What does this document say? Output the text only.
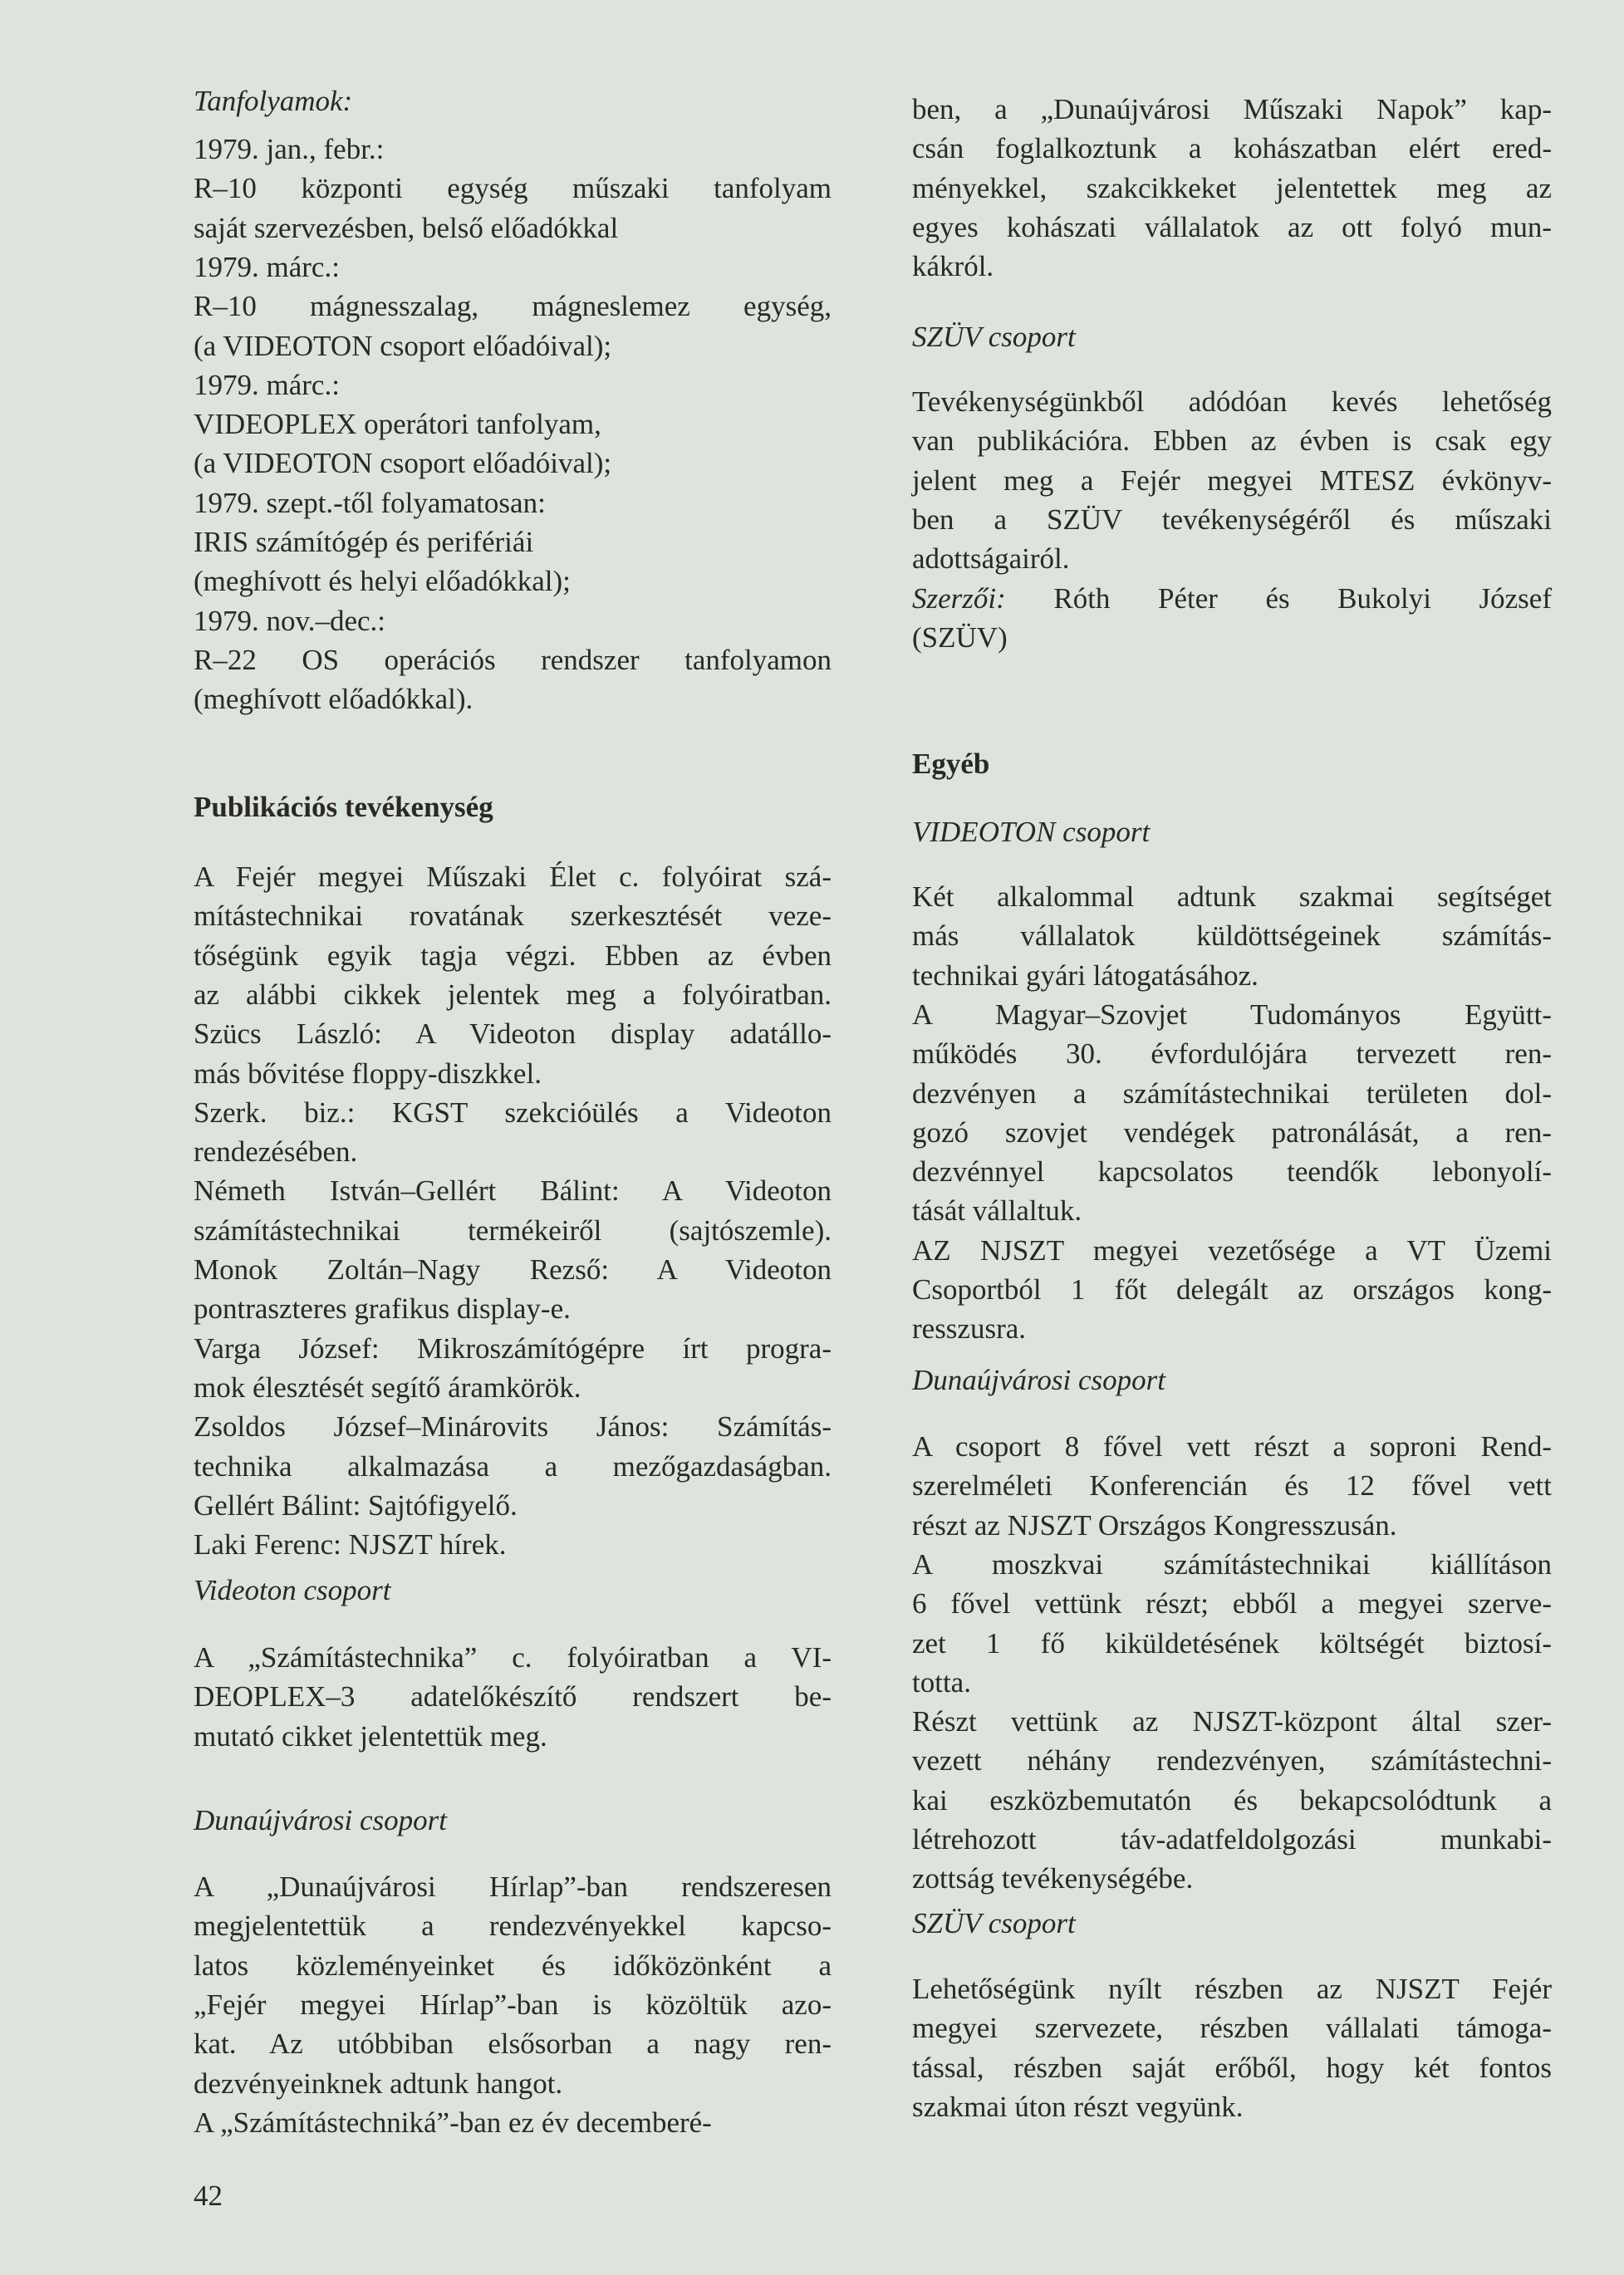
Tanfolyamok:
1979. jan., febr.:
R–10 központi egység műszaki tanfolyam
saját szervezésben, belső előadókkal
1979. márc.:
R–10 mágnesszalag, mágneslemez egység,
(a VIDEOTON csoport előadóival);
1979. márc.:
VIDEOPLEX operátori tanfolyam,
(a VIDEOTON csoport előadóival);
1979. szept.-től folyamatosan:
IRIS számítógép és perifériái
(meghívott és helyi előadókkal);
1979. nov.–dec.:
R–22 OS operációs rendszer tanfolyamon
(meghívott előadókkal).
Publikációs tevékenység
A Fejér megyei Műszaki Élet c. folyóirat szá-
mítástechnikai rovatának szerkesztését veze-
tőségünk egyik tagja végzi. Ebben az évben
az alábbi cikkek jelentek meg a folyóiratban.
Szücs László: A Videoton display adatállo-
más bővitése floppy-diszkkel.
Szerk. biz.: KGST szekcióülés a Videoton
rendezésében.
Németh István–Gellért Bálint: A Videoton
számítástechnikai termékeiről (sajtószemle).
Monok Zoltán–Nagy Rezső: A Videoton
pontraszteres grafikus display-e.
Varga József: Mikroszámítógépre írt progra-
mok élesztését segítő áramkörök.
Zsoldos József–Minárovits János: Számítás-
technika alkalmazása a mezőgazdaságban.
Gellért Bálint: Sajtófigyelő.
Laki Ferenc: NJSZT hírek.
Videoton csoport
A „Számítástechnika” c. folyóiratban a VI-
DEOPLEX–3 adatelőkészítő rendszert be-
mutató cikket jelentettük meg.
Dunaújvárosi csoport
A „Dunaújvárosi Hírlap”-ban rendszeresen
megjelentettük a rendezvényekkel kapcso-
latos közleményeinket és időközönként a
„Fejér megyei Hírlap”-ban is közöltük azo-
kat. Az utóbbiban elsősorban a nagy ren-
dezvényeinknek adtunk hangot.
A „Számítástechniká”-ban ez év decemberé-
ben, a „Dunaújvárosi Műszaki Napok” kap-
csán foglalkoztunk a kohászatban elért ered-
ményekkel, szakcikkeket jelentettek meg az
egyes kohászati vállalatok az ott folyó mun-
kákról.
SZÜV csoport
Tevékenységünkből adódóan kevés lehetőség
van publikációra. Ebben az évben is csak egy
jelent meg a Fejér megyei MTESZ évkönyv-
ben a SZÜV tevékenységéről és műszaki
adottságairól.
Szerzői: Róth Péter és Bukolyi József
(SZÜV)
Egyéb
VIDEOTON csoport
Két alkalommal adtunk szakmai segítséget
más vállalatok küldöttségeinek számítás-
technikai gyári látogatásához.
A Magyar–Szovjet Tudományos Együtt-
működés 30. évfordulójára tervezett ren-
dezvényen a számítástechnikai területen dol-
gozó szovjet vendégek patronálását, a ren-
dezvénnyel kapcsolatos teendők lebonyolí-
tását vállaltuk.
AZ NJSZT megyei vezetősége a VT Üzemi
Csoportból 1 főt delegált az országos kong-
resszusra.
Dunaújvárosi csoport
A csoport 8 fővel vett részt a soproni Rend-
szerelméleti Konferencián és 12 fővel vett
részt az NJSZT Országos Kongresszusán.
A moszkvai számítástechnikai kiállításon
6 fővel vettünk részt; ebből a megyei szerve-
zet 1 fő kiküldetésének költségét biztosí-
totta.
Részt vettünk az NJSZT-központ által szer-
vezett néhány rendezvényen, számítástechni-
kai eszközbemutatón és bekapcsolódtunk a
létrehozott táv-adatfeldolgozási munkabi-
zottság tevékenységébe.
SZÜV csoport
Lehetőségünk nyílt részben az NJSZT Fejér
megyei szervezete, részben vállalati támoga-
tással, részben saját erőből, hogy két fontos
szakmai úton részt vegyünk.
42
